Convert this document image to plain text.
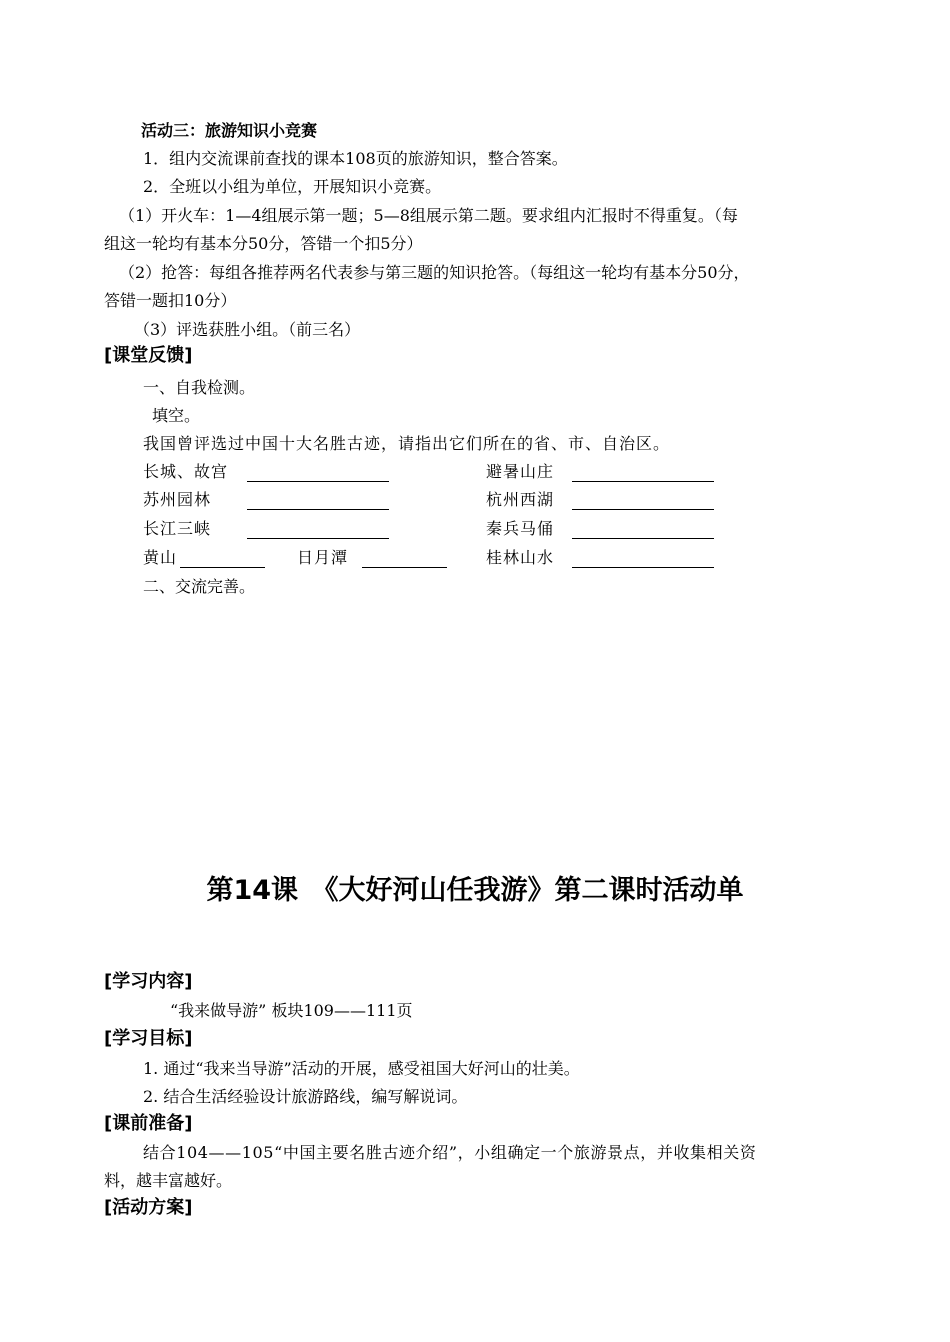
活动三：旅游知识小竞赛
1．组内交流课前查找的课本108页的旅游知识，整合答案。
2．全班以小组为单位，开展知识小竞赛。
（1）开火车：1—4组展示第一题；5—8组展示第二题。要求组内汇报时不得重复。（每
组这一轮均有基本分50分，答错一个扣5分）
（2）抢答：每组各推荐两名代表参与第三题的知识抢答。（每组这一轮均有基本分50分，
答错一题扣10分）
（3）评选获胜小组。（前三名）
[课堂反馈]
一、自我检测。
填空。
我国曾评选过中国十大名胜古迹，请指出它们所在的省、市、自治区。
长城、故宫	避暑山庄
苏州园林	杭州西湖
长江三峡	秦兵马俑
黄山	日月潭	桂林山水
二、交流完善。
第14课　《大好河山任我游》第二课时活动单
[学习内容]
“我来做导游” 板块109——111页
[学习目标]
1. 通过“我来当导游”活动的开展，感受祖国大好河山的壮美。
2. 结合生活经验设计旅游路线，编写解说词。
[课前准备]
结合104——105“中国主要名胜古迹介绍”，小组确定一个旅游景点，并收集相关资
料，越丰富越好。
[活动方案]
